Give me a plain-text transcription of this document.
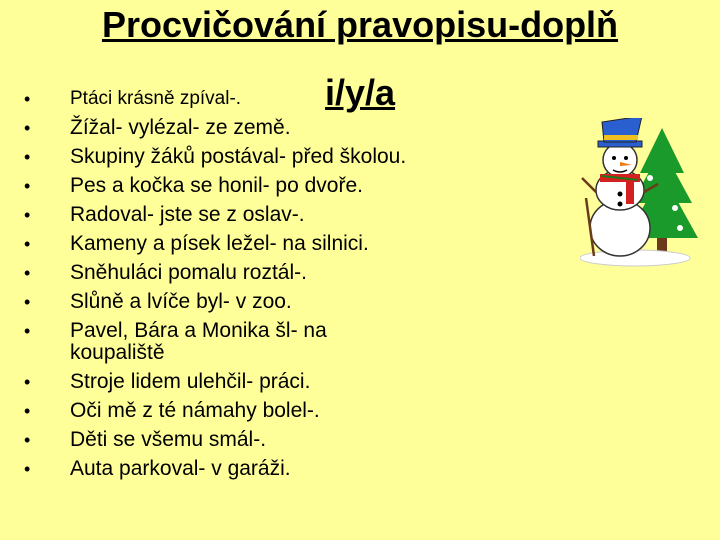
Procvičování pravopisu-doplň
i/y/a
• Ptáci krásně zpíval-.
• Žížal- vylézal- ze země.
• Skupiny žáků postával- před školou.
• Pes a kočka se honil- po dvoře.
• Radoval- jste se z oslav-.
• Kameny a písek ležel- na silnici.
• Sněhuláci pomalu roztál-.
• Slůně a lvíče byl- v zoo.
• Pavel, Bára a Monika šl- na koupaliště
• Stroje lidem ulehčil- práci.
• Oči mě z té námahy bolel-.
• Děti se všemu smál-.
• Auta parkoval- v garáži.
